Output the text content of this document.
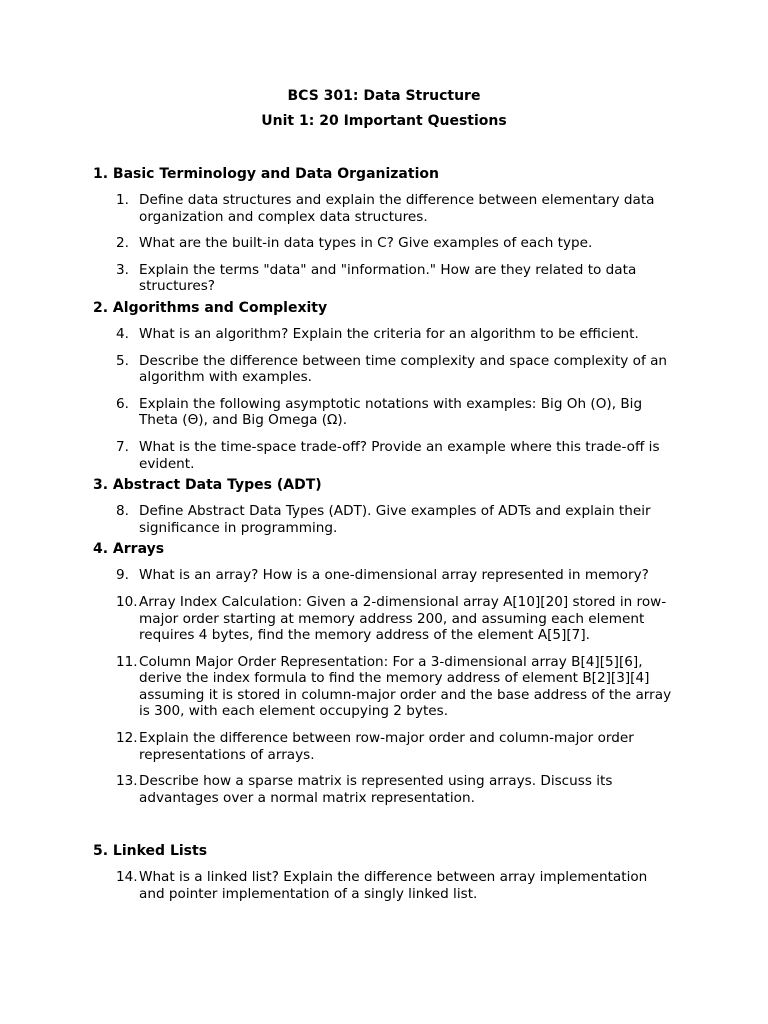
BCS 301: Data Structure
Unit 1: 20 Important Questions
1. Basic Terminology and Data Organization
1. Define data structures and explain the difference between elementary data organization and complex data structures.
2. What are the built-in data types in C? Give examples of each type.
3. Explain the terms "data" and "information." How are they related to data structures?
2. Algorithms and Complexity
4. What is an algorithm? Explain the criteria for an algorithm to be efficient.
5. Describe the difference between time complexity and space complexity of an algorithm with examples.
6. Explain the following asymptotic notations with examples: Big Oh (O), Big Theta (Θ), and Big Omega (Ω).
7. What is the time-space trade-off? Provide an example where this trade-off is evident.
3. Abstract Data Types (ADT)
8. Define Abstract Data Types (ADT). Give examples of ADTs and explain their significance in programming.
4. Arrays
9. What is an array? How is a one-dimensional array represented in memory?
10. Array Index Calculation: Given a 2-dimensional array A[10][20] stored in row-major order starting at memory address 200, and assuming each element requires 4 bytes, find the memory address of the element A[5][7].
11. Column Major Order Representation: For a 3-dimensional array B[4][5][6], derive the index formula to find the memory address of element B[2][3][4] assuming it is stored in column-major order and the base address of the array is 300, with each element occupying 2 bytes.
12. Explain the difference between row-major order and column-major order representations of arrays.
13. Describe how a sparse matrix is represented using arrays. Discuss its advantages over a normal matrix representation.
5. Linked Lists
14. What is a linked list? Explain the difference between array implementation and pointer implementation of a singly linked list.
